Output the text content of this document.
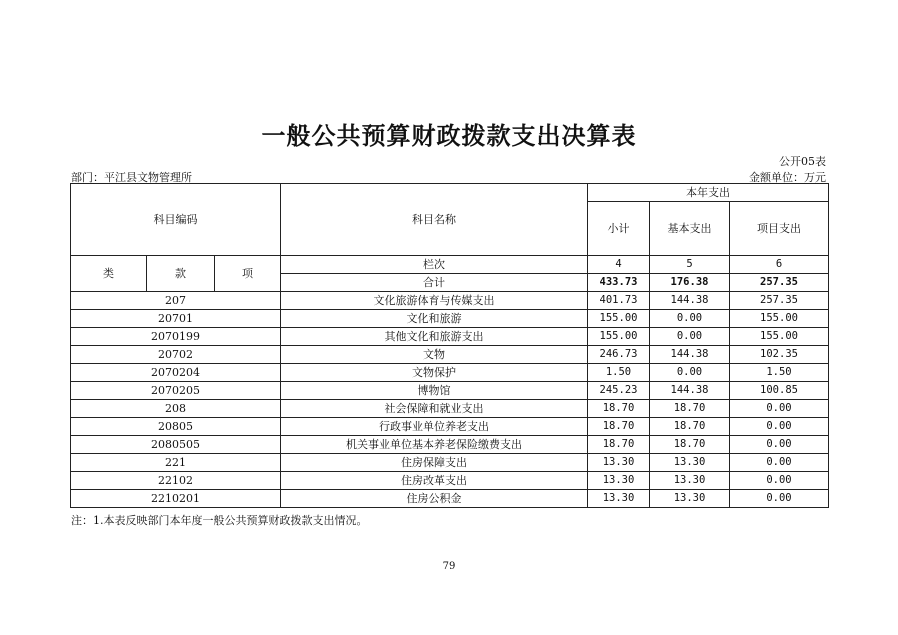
一般公共预算财政拨款支出决算表
公开05表
部门：平江县文物管理所	金额单位：万元
科目编码			科目名称	本年支出		
				小计	基本支出	项目支出
类	款	项	栏次	4	5	6
			合计	433.73	176.38	257.35
207			文化旅游体育与传媒支出	401.73	144.38	257.35
20701			文化和旅游	155.00	0.00	155.00
2070199			其他文化和旅游支出	155.00	0.00	155.00
20702			文物	246.73	144.38	102.35
2070204			文物保护	1.50	0.00	1.50
2070205			博物馆	245.23	144.38	100.85
208			社会保障和就业支出	18.70	18.70	0.00
20805			行政事业单位养老支出	18.70	18.70	0.00
2080505			机关事业单位基本养老保险缴费支出	18.70	18.70	0.00
221			住房保障支出	13.30	13.30	0.00
22102			住房改革支出	13.30	13.30	0.00
2210201			住房公积金	13.30	13.30	0.00
注：1.本表反映部门本年度一般公共预算财政拨款支出情况。
79
